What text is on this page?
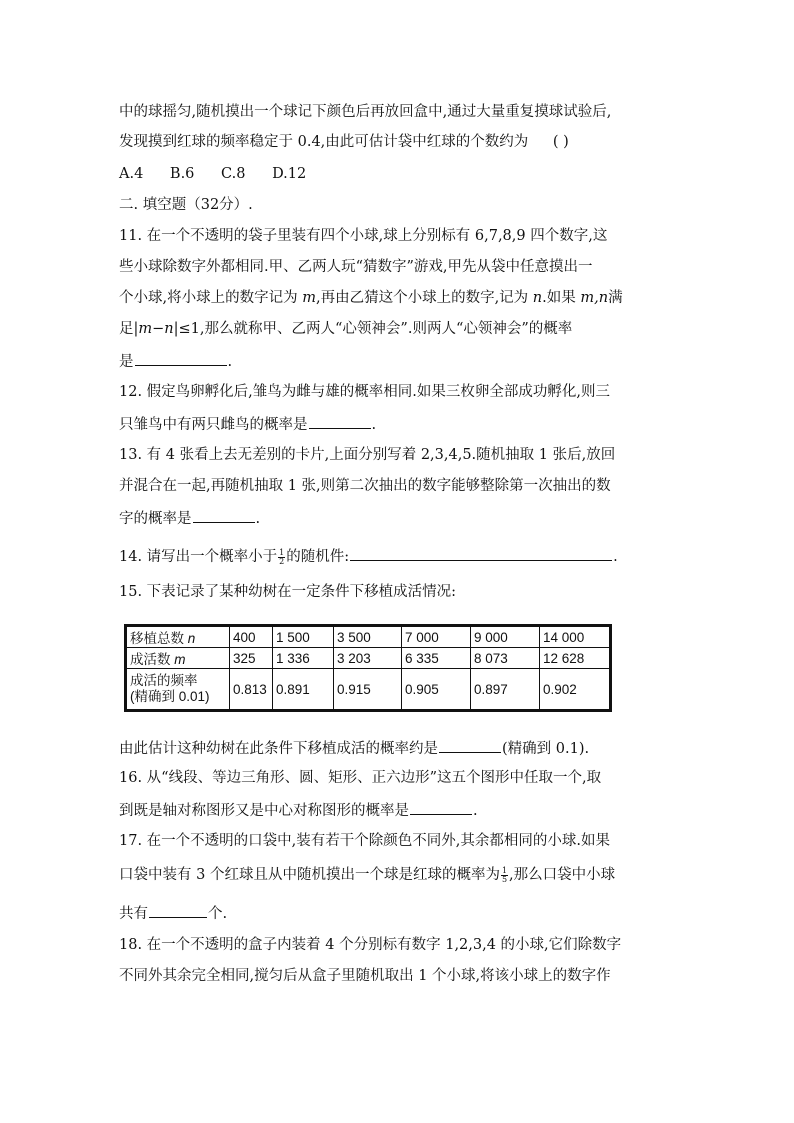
中的球摇匀,随机摸出一个球记下颜色后再放回盒中,通过大量重复摸球试验后,
发现摸到红球的频率稳定于 0.4,由此可估计袋中红球的个数约为 ( )
A.4 B.6 C.8 D.12
二. 填空题（32分）.
11. 在一个不透明的袋子里装有四个小球,球上分别标有 6,7,8,9 四个数字,这
些小球除数字外都相同.甲、乙两人玩“猜数字”游戏,甲先从袋中任意摸出一
个小球,将小球上的数字记为 m,再由乙猜这个小球上的数字,记为 n.如果 m,n满
足|m−n|≤1,那么就称甲、乙两人“心领神会”.则两人“心领神会”的概率
是	.
12. 假定鸟卵孵化后,雏鸟为雌与雄的概率相同.如果三枚卵全部成功孵化,则三
只雏鸟中有两只雌鸟的概率是	.
13. 有 4 张看上去无差别的卡片,上面分别写着 2,3,4,5.随机抽取 1 张后,放回
并混合在一起,再随机抽取 1 张,则第二次抽出的数字能够整除第一次抽出的数
字的概率是	.
14. 请写出一个概率小于 $\frac{1}{2}$ 的随机件:	.
15. 下表记录了某种幼树在一定条件下移植成活情况:
移植总数 n	400	1 500	3 500	7 000	9 000	14 000
成活数 m	325	1 336	3 203	6 335	8 073	12 628
成活的频率
(精确到 0.01)	0.813	0.891	0.915	0.905	0.897	0.902
由此估计这种幼树在此条件下移植成活的概率约是	(精确到 0.1).
16. 从“线段、等边三角形、圆、矩形、正六边形”这五个图形中任取一个,取
到既是轴对称图形又是中心对称图形的概率是	.
17. 在一个不透明的口袋中,装有若干个除颜色不同外,其余都相同的小球.如果
口袋中装有 3 个红球且从中随机摸出一个球是红球的概率为 $\frac{1}{5}$ ,那么口袋中小球
共有	个.
18. 在一个不透明的盒子内装着 4 个分别标有数字 1,2,3,4 的小球,它们除数字
不同外其余完全相同,搅匀后从盒子里随机取出 1 个小球,将该小球上的数字作
